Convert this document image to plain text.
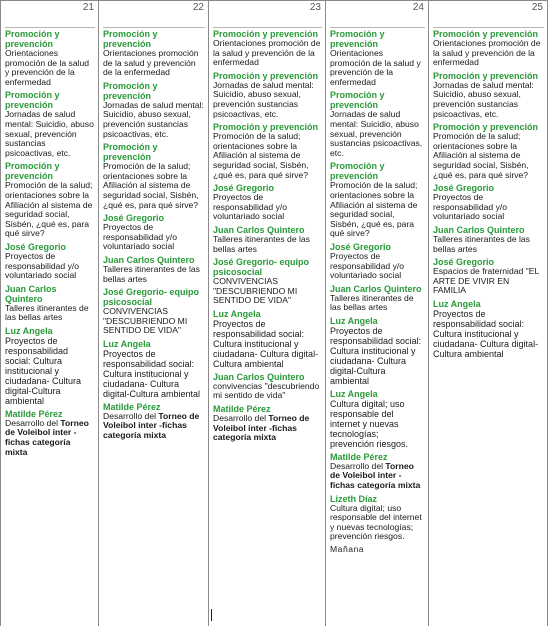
21
Promoción y prevención
Orientaciones promoción de la salud y prevención de la enfermedad
Promoción y prevención
Jornadas de salud mental: Suicidio, abuso sexual, prevención sustancias psicoactivas, etc.
Promoción y prevención
Promoción de la salud; orientaciones sobre la Afiliación al sistema de seguridad social, Sisbén, ¿qué es, para qué sirve?
José Gregorio
Proyectos de responsabilidad y/o voluntariado social
Juan Carlos Quintero
Talleres itinerantes de las bellas artes
Luz Angela
Proyectos de responsabilidad social: Cultura institucional y ciudadana- Cultura digital-Cultura ambiental
Matilde Pérez
Desarrollo del Torneo de Voleibol inter -fichas categoría mixta
22
Promoción y prevención
Orientaciones promoción de la salud y prevención de la enfermedad
Promoción y prevención
Jornadas de salud mental: Suicidio, abuso sexual, prevención sustancias psicoactivas, etc.
Promoción y prevención
Promoción de la salud; orientaciones sobre la Afiliación al sistema de seguridad social, Sisbén, ¿qué es, para qué sirve?
José Gregorio
Proyectos de responsabilidad y/o voluntariado social
Juan Carlos Quintero
Talleres itinerantes de las bellas artes
José Gregorio- equipo psicosocial
CONVIVENCIAS "DESCUBRIENDO MI SENTIDO DE VIDA"
Luz Angela
Proyectos de responsabilidad social: Cultura institucional y ciudadana- Cultura digital-Cultura ambiental
Matilde Pérez
Desarrollo del Torneo de Voleibol inter -fichas categoría mixta
23
Promoción y prevención
Orientaciones promoción de la salud y prevención de la enfermedad
Promoción y prevención
Jornadas de salud mental: Suicidio, abuso sexual, prevención sustancias psicoactivas, etc.
Promoción y prevención
Promoción de la salud; orientaciones sobre la Afiliación al sistema de seguridad social, Sisbén, ¿qué es, para qué sirve?
José Gregorio
Proyectos de responsabilidad y/o voluntariado social
Juan Carlos Quintero
Talleres itinerantes de las bellas artes
José Gregorio- equipo psicosocial
CONVIVENCIAS "DESCUBRIENDO MI SENTIDO DE VIDA"
Luz Angela
Proyectos de responsabilidad social: Cultura institucional y ciudadana- Cultura digital-Cultura ambiental
Juan Carlos Quintero
convivencias "descubriendo mi sentido de vida"
Matilde Pérez
Desarrollo del Torneo de Voleibol inter -fichas categoría mixta
24
Promoción y prevención
Orientaciones promoción de la salud y prevención de la enfermedad
Promoción y prevención
Jornadas de salud mental: Suicidio, abuso sexual, prevención sustancias psicoactivas, etc.
Promoción y prevención
Promoción de la salud; orientaciones sobre la Afiliación al sistema de seguridad social, Sisbén, ¿qué es, para qué sirve?
José Gregorio
Proyectos de responsabilidad y/o voluntariado social
Juan Carlos Quintero
Talleres itinerantes de las bellas artes
Luz Angela
Proyectos de responsabilidad social: Cultura institucional y ciudadana- Cultura digital-Cultura ambiental
Luz Angela
Cultura digital; uso responsable del internet y nuevas tecnologías; prevención riesgos.
Matilde Pérez
Desarrollo del Torneo de Voleibol inter -fichas categoría mixta
Lizeth Díaz
Cultura digital; uso responsable del internet y nuevas tecnologías; prevención riesgos.
Mañana
25
Promoción y prevención
Orientaciones promoción de la salud y prevención de la enfermedad
Promoción y prevención
Jornadas de salud mental: Suicidio, abuso sexual, prevención sustancias psicoactivas, etc.
Promoción y prevención
Promoción de la salud; orientaciones sobre la Afiliación al sistema de seguridad social, Sisbén, ¿qué es, para qué sirve?
José Gregorio
Proyectos de responsabilidad y/o voluntariado social
Juan Carlos Quintero
Talleres itinerantes de las bellas artes
José Gregorio
Espacios de fraternidad "EL ARTE DE VIVIR EN FAMILIA
Luz Angela
Proyectos de responsabilidad social: Cultura institucional y ciudadana- Cultura digital-Cultura ambiental
